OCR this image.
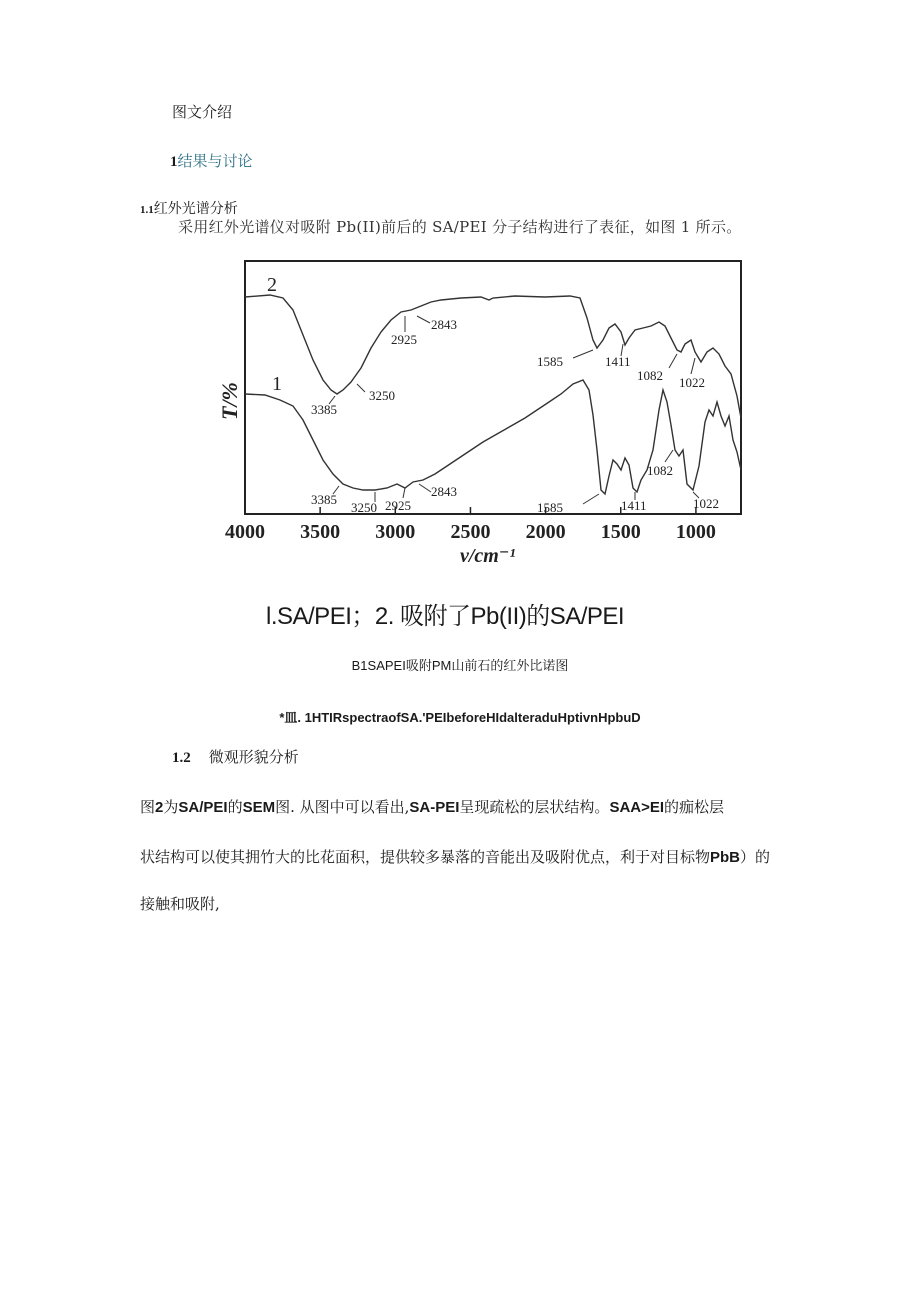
图文介绍
1结果与讨论
1.1红外光谱分析
采用红外光谱仪对吸附 Pb(II)前后的 SA/PEI 分子结构进行了表征，如图 1 所示。
4000 3500 3000 2500 2000 1500 1000
2
1
T/%
ν/cm⁻¹
3385
3250
2925
2843
1585	1411
1082 1022
3385
3250 2925
2843
1585	1411
1082
1022
l.SA/PEI；2. 吸附了Pb(II)的SA/PEI
B1SAPEI吸附PM山前石的红外比诺图
*皿. 1HTIRspectraofSA.'PEIbeforeHIdalteraduHptivnHpbuD
1.2 微观形貌分析
图2为SA/PEI的SEM图. 从图中可以看出,SA-PEI呈现疏松的层状结构。SAA>EI的痂松层
状结构可以使其拥竹大的比花面积，提供较多暴落的音能出及吸附优点，利于对目标物PbB）的
接触和吸附,
